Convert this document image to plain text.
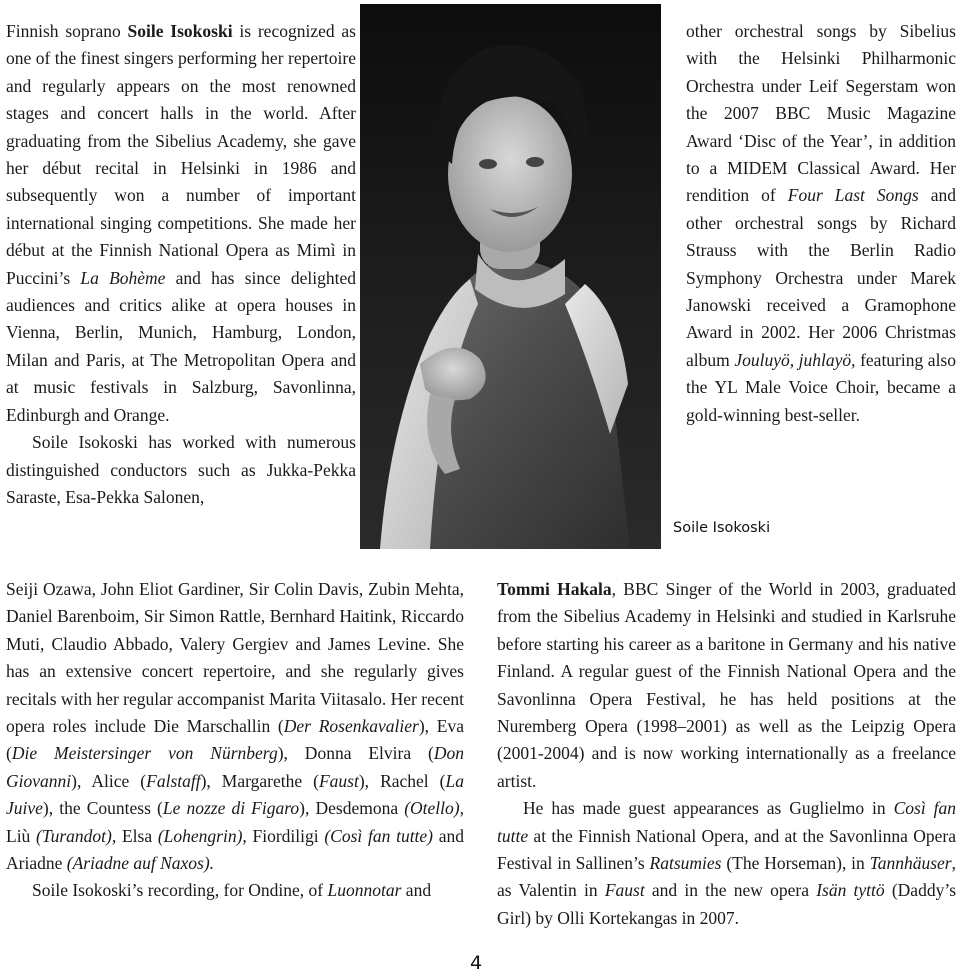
Finnish soprano Soile Isokoski is recognized as one of the finest singers performing her repertoire and regularly appears on the most renowned stages and concert halls in the world. After graduating from the Sibelius Academy, she gave her début recital in Helsinki in 1986 and subsequently won a number of important international singing competitions. She made her début at the Finnish National Opera as Mimì in Puccini’s La Bohème and has since delighted audiences and critics alike at opera houses in Vienna, Berlin, Munich, Hamburg, London, Milan and Paris, at The Metropolitan Opera and at music festivals in Salzburg, Savonlinna, Edinburgh and Orange.

Soile Isokoski has worked with numerous distinguished conductors such as Jukka-Pekka Saraste, Esa-Pekka Salonen,

other orchestral songs by Sibelius with the Helsinki Philharmonic Orchestra under Leif Segerstam won the 2007 BBC Music Magazine Award ‘Disc of the Year’, in addition to a MIDEM Classical Award. Her rendition of Four Last Songs and other orchestral songs by Richard Strauss with the Berlin Radio Symphony Orchestra under Marek Janowski received a Gramophone Award in 2002. Her 2006 Christmas album Jouluyö, juhlayö, featuring also the YL Male Voice Choir, became a gold-winning best-seller.

Soile Isokoski

Seiji Ozawa, John Eliot Gardiner, Sir Colin Davis, Zubin Mehta, Daniel Barenboim, Sir Simon Rattle, Bernhard Haitink, Riccardo Muti, Claudio Abbado, Valery Gergiev and James Levine. She has an extensive concert repertoire, and she regularly gives recitals with her regular accompanist Marita Viitasalo. Her recent opera roles include Die Marschallin (Der Rosenkavalier), Eva (Die Meistersinger von Nürnberg), Donna Elvira (Don Giovanni), Alice (Falstaff), Margarethe (Faust), Rachel (La Juive), the Countess (Le nozze di Figaro), Desdemona (Otello), Liù (Turandot), Elsa (Lohengrin), Fiordiligi (Così fan tutte) and Ariadne (Ariadne auf Naxos).

Soile Isokoski’s recording, for Ondine, of Luonnotar and

Tommi Hakala, BBC Singer of the World in 2003, graduated from the Sibelius Academy in Helsinki and studied in Karlsruhe before starting his career as a baritone in Germany and his native Finland. A regular guest of the Finnish National Opera and the Savonlinna Opera Festival, he has held positions at the Nuremberg Opera (1998–2001) as well as the Leipzig Opera (2001-2004) and is now working internationally as a freelance artist.

He has made guest appearances as Guglielmo in Così fan tutte at the Finnish National Opera, and at the Savonlinna Opera Festival in Sallinen’s Ratsumies (The Horseman), in Tannhäuser, as Valentin in Faust and in the new opera Isän tyttö (Daddy’s Girl) by Olli Kortekangas in 2007.

4
